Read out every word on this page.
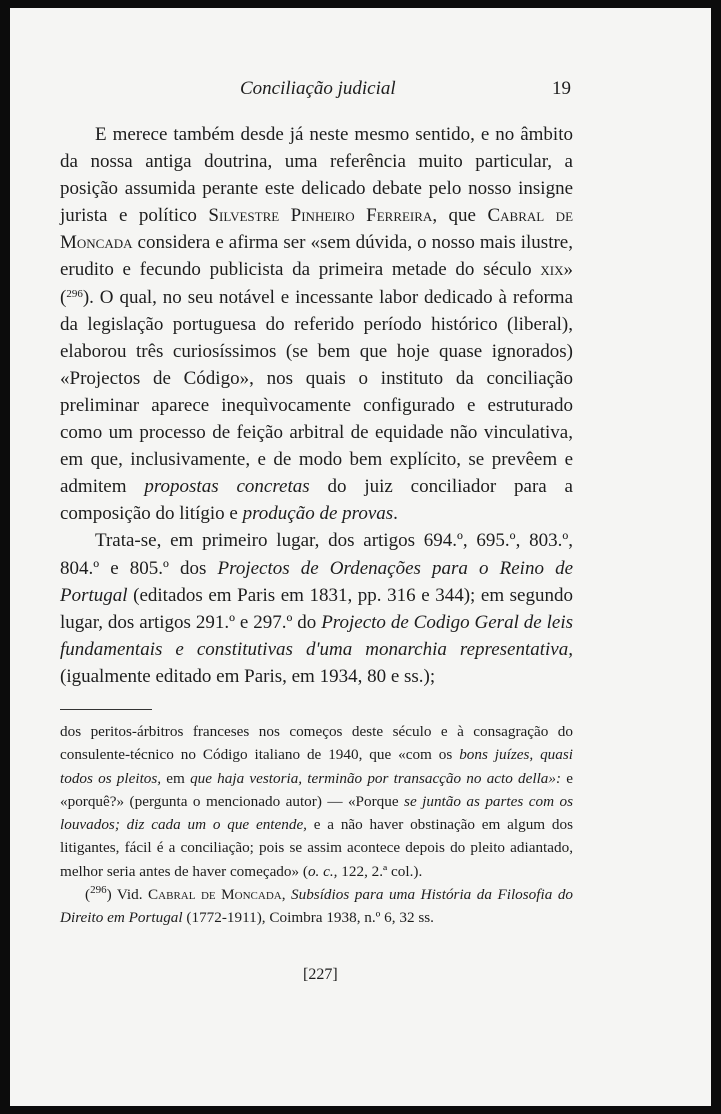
Conciliação judicial	19

E merece também desde já neste mesmo sentido, e no âmbito da nossa antiga doutrina, uma referência muito particular, a posição assumida perante este delicado debate pelo nosso insigne jurista e político Silvestre Pinheiro Ferreira, que Cabral de Moncada considera e afirma ser «sem dúvida, o nosso mais ilustre, erudito e fecundo publicista da primeira metade do século xix» ($^{296}$). O qual, no seu notável e incessante labor dedicado à reforma da legislação portuguesa do referido período histórico (liberal), elaborou três curiosíssimos (se bem que hoje quase ignorados) «Projectos de Código», nos quais o instituto da conciliação preliminar aparece inequìvocamente configurado e estruturado como um processo de feição arbitral de equidade não vinculativa, em que, inclusivamente, e de modo bem explícito, se prevêem e admitem propostas concretas do juiz conciliador para a composição do litígio e produção de provas.

Trata-se, em primeiro lugar, dos artigos 694.º, 695.º, 803.º, 804.º e 805.º dos Projectos de Ordenações para o Reino de Portugal (editados em Paris em 1831, pp. 316 e 344); em segundo lugar, dos artigos 291.º e 297.º do Projecto de Codigo Geral de leis fundamentais e constitutivas d'uma monarchia representativa, (igualmente editado em Paris, em 1934, 80 e ss.);

dos peritos-árbitros franceses nos começos deste século e à consagração do consulente-técnico no Código italiano de 1940, que «com os bons juízes, quasi todos os pleitos, em que haja vestoria, terminão por transacção no acto della»: e «porquê?» (pergunta o mencionado autor) — «Porque se juntão as partes com os louvados; diz cada um o que entende, e a não haver obstinação em algum dos litigantes, fácil é a conciliação; pois se assim acontece depois do pleito adiantado, melhor seria antes de haver começado» (o. c., 122, 2.ª col.).

($^{296}$) Vid. Cabral de Moncada, Subsídios para uma História da Filosofia do Direito em Portugal (1772-1911), Coimbra 1938, n.º 6, 32 ss.

[227]
